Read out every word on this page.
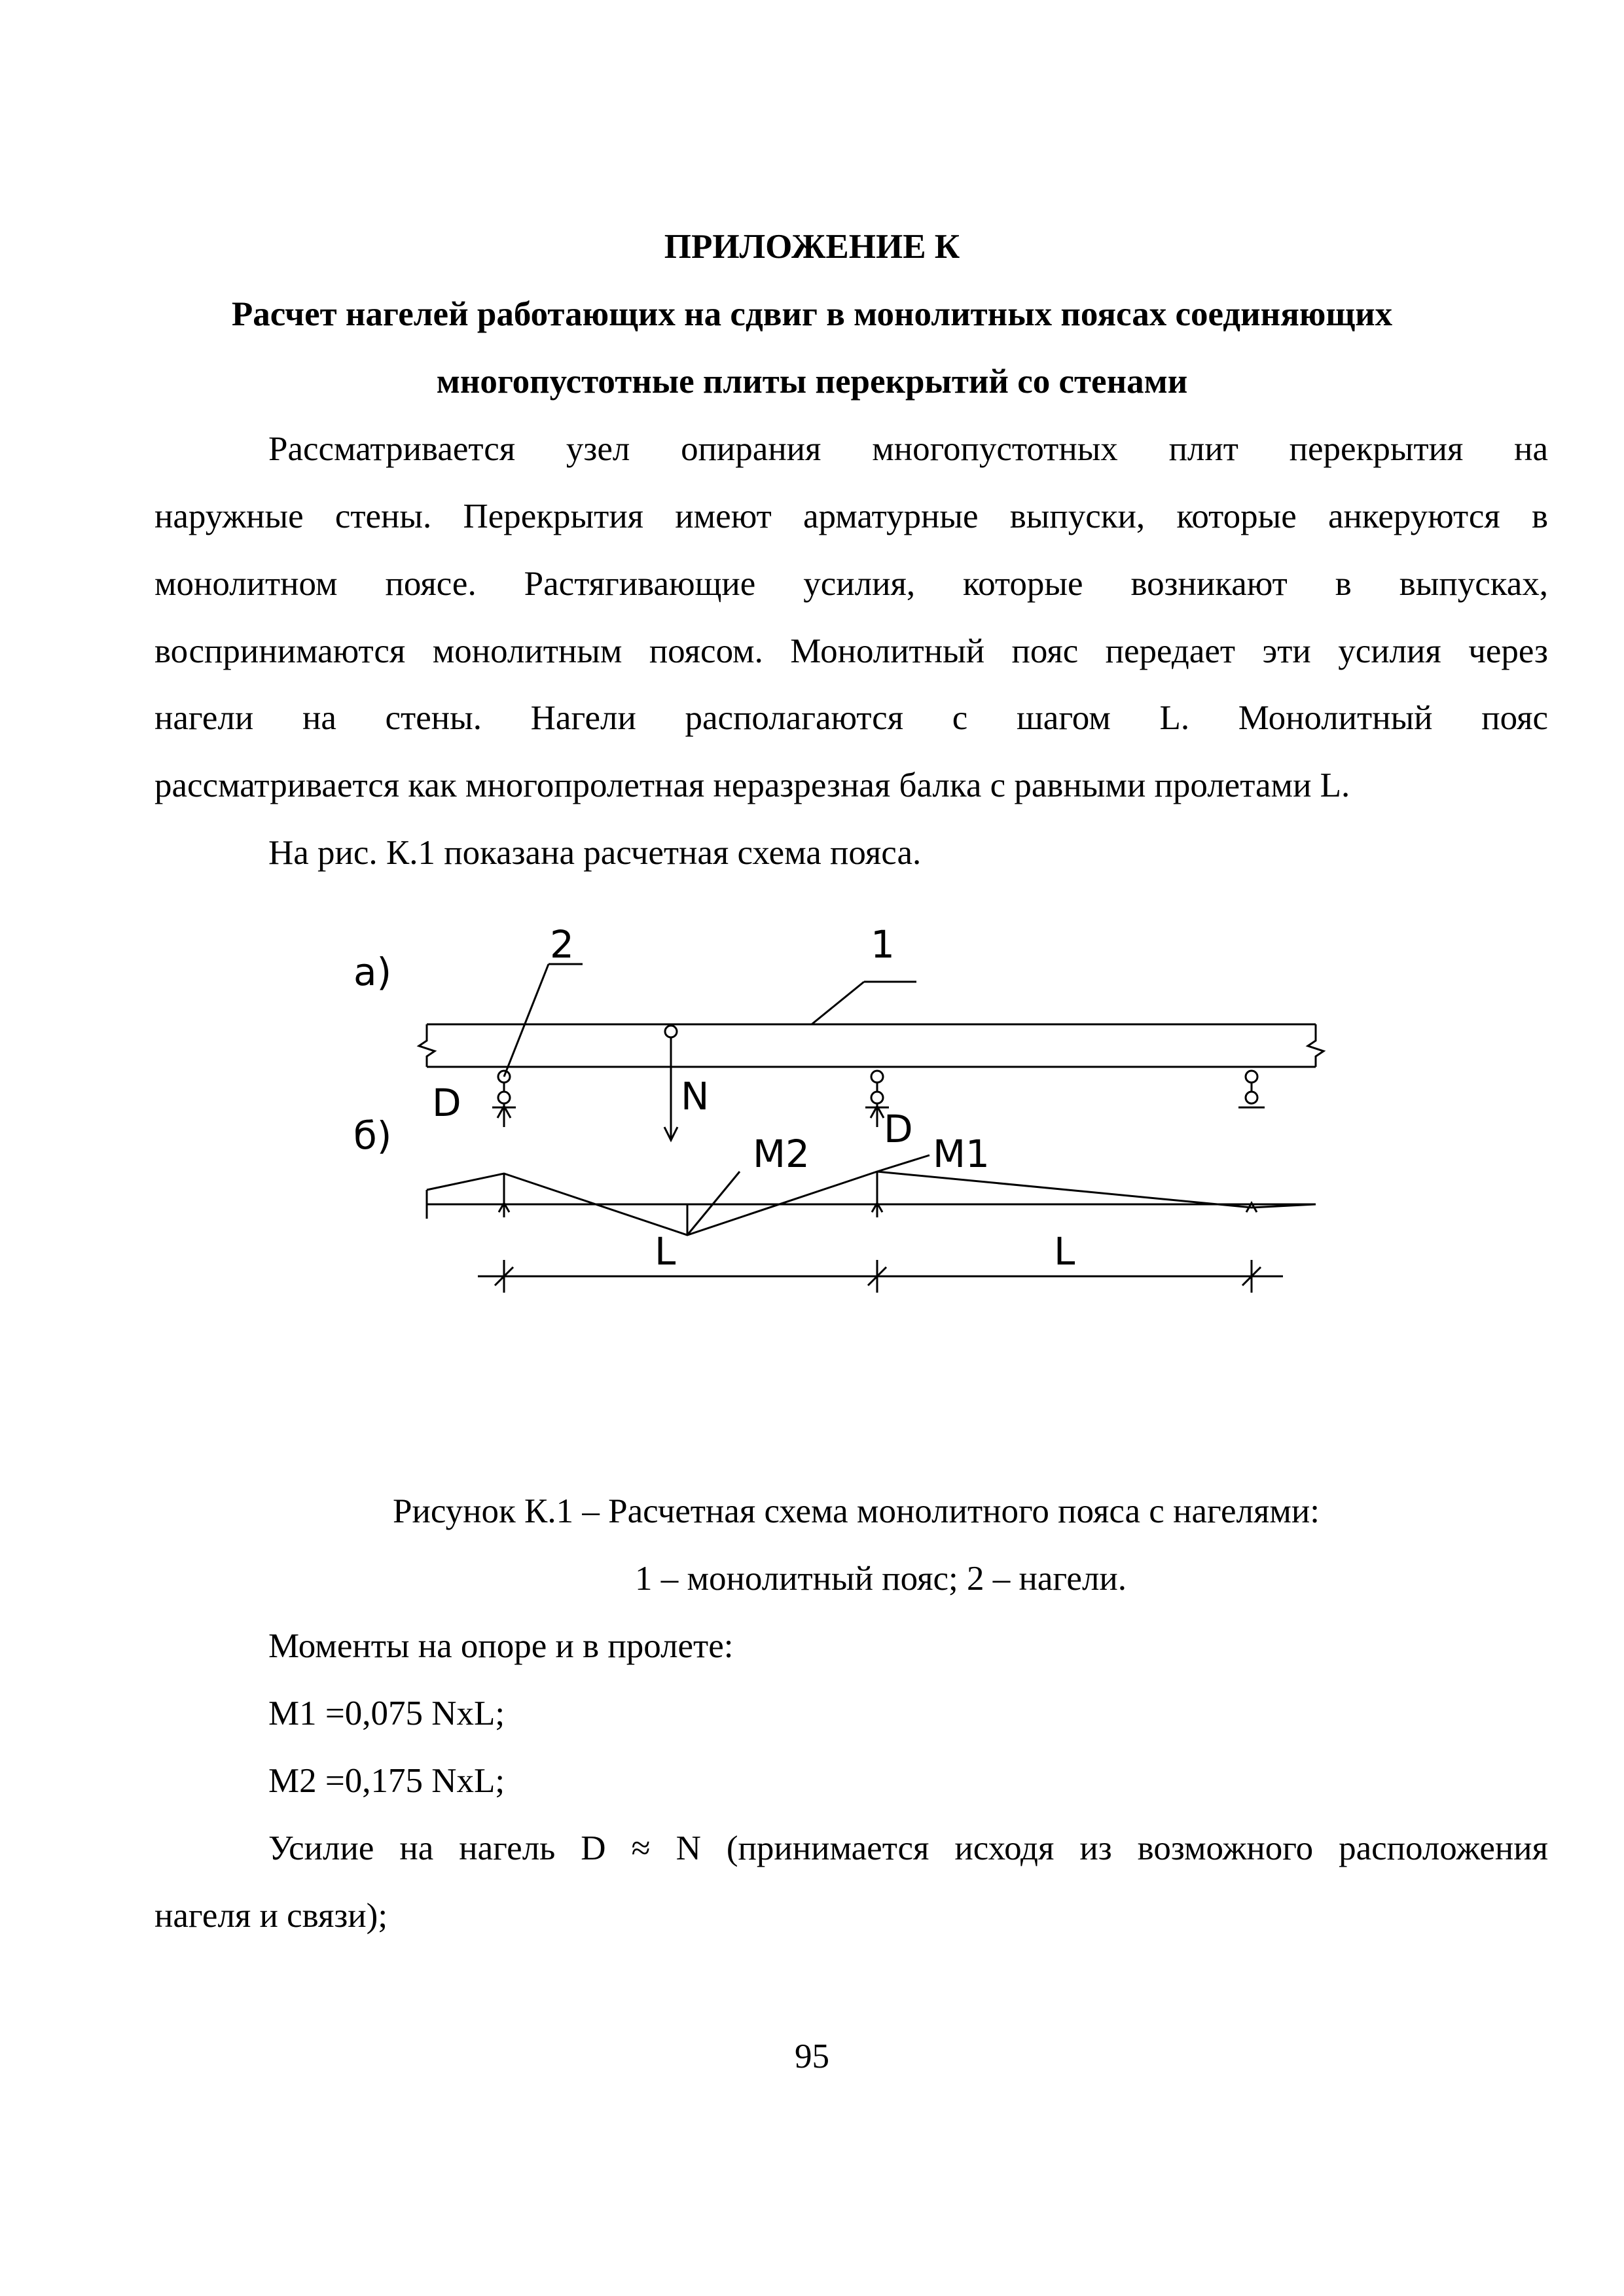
ПРИЛОЖЕНИЕ К
Расчет нагелей работающих на сдвиг в монолитных поясах соединяющих
многопустотные плиты перекрытий со стенами
Рассматривается узел опирания многопустотных плит перекрытия на
наружные стены. Перекрытия имеют арматурные выпуски, которые анкеруются в
монолитном поясе. Растягивающие усилия, которые возникают в выпусках,
воспринимаются монолитным поясом. Монолитный пояс передает эти усилия через
нагели на стены. Нагели располагаются с шагом L. Монолитный пояс
рассматривается как многопролетная неразрезная балка с равными пролетами L.
На рис. К.1 показана расчетная схема пояса.
а)
б)
2	1
D	N
D
M2	M1
L	L
Рисунок К.1 – Расчетная схема монолитного пояса с нагелями:
1 – монолитный пояс; 2 – нагели.
Моменты на опоре и в пролете:
M1 =0,075 NxL;
M2 =0,175 NxL;
Усилие на нагель D ≈ N (принимается исходя из возможного расположения
нагеля и связи);
95
